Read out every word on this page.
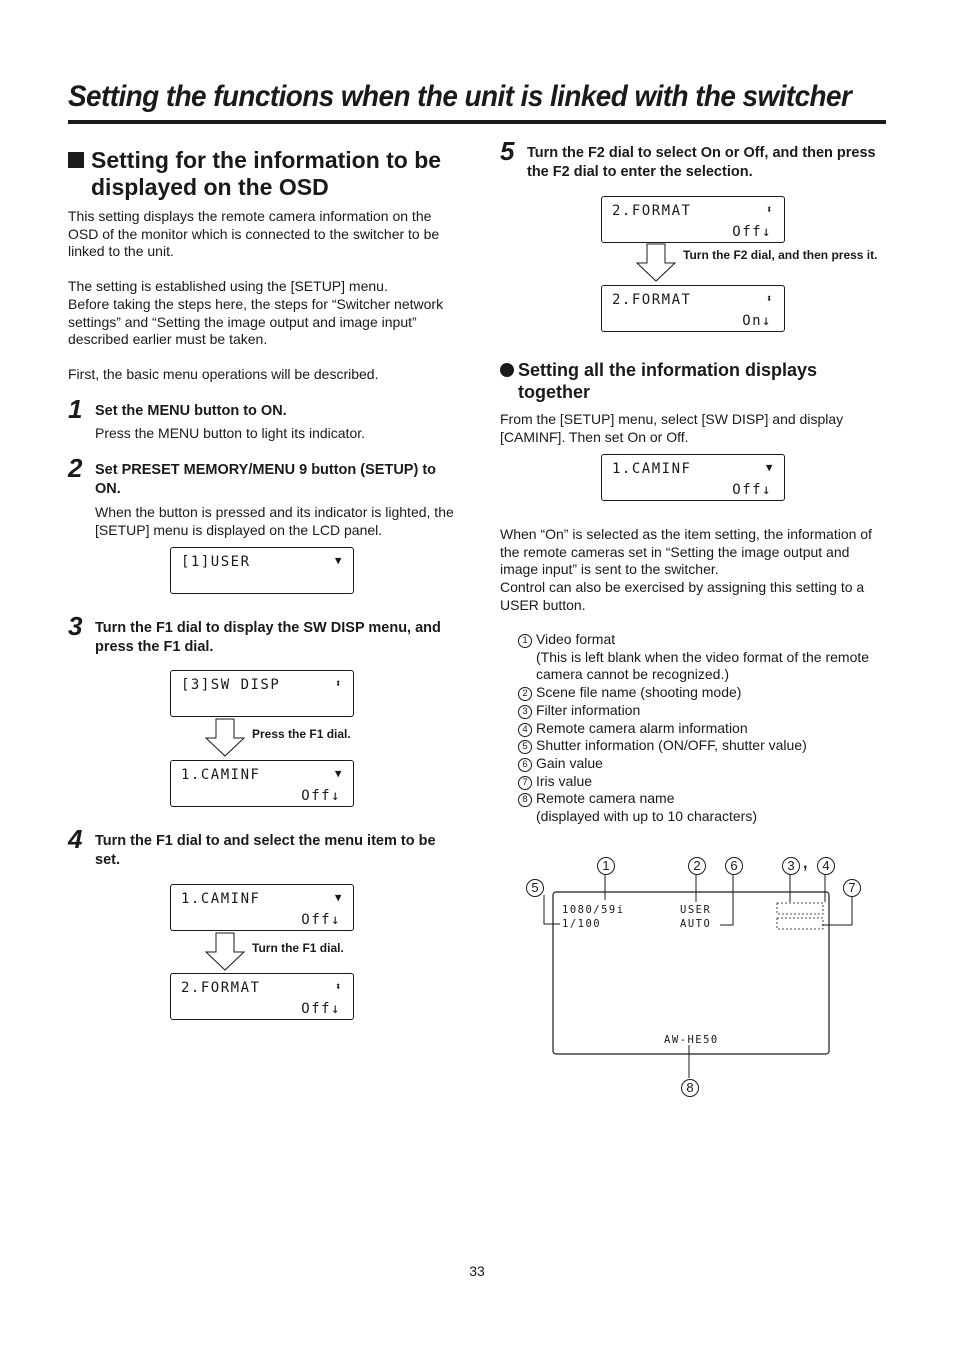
Setting the functions when the unit is linked with the switcher
Setting for the information to be displayed on the OSD
This setting displays the remote camera information on the OSD of the monitor which is connected to the switcher to be linked to the unit.
The setting is established using the [SETUP] menu.
Before taking the steps here, the steps for “Switcher network settings” and “Setting the image output and image input” described earlier must be taken.
First, the basic menu operations will be described.
1 Set the MENU button to ON.
Press the MENU button to light its indicator.
2 Set PRESET MEMORY/MENU 9 button (SETUP) to ON.
When the button is pressed and its indicator is lighted, the [SETUP] menu is displayed on the LCD panel.
[1]USER	▼
3 Turn the F1 dial to display the SW DISP menu, and press the F1 dial.
[3]SW DISP	⬍
Press the F1 dial.
1.CAMINF	▼
Off↓
4 Turn the F1 dial to and select the menu item to be set.
1.CAMINF	▼
Off↓
Turn the F1 dial.
2.FORMAT	⬍
Off↓
5 Turn the F2 dial to select On or Off, and then press the F2 dial to enter the selection.
2.FORMAT	⬍
Off↓
Turn the F2 dial, and then press it.
2.FORMAT	⬍
On↓
Setting all the information displays together
From the [SETUP] menu, select [SW DISP] and display [CAMINF]. Then set On or Off.
1.CAMINF	▼
Off↓
When “On” is selected as the item setting, the information of the remote cameras set in “Setting the image output and image input” is sent to the switcher.
Control can also be exercised by assigning this setting to a USER button.
1 Video format
(This is left blank when the video format of the remote camera cannot be recognized.)
2 Scene file name (shooting mode)
3 Filter information
4 Remote camera alarm information
5 Shutter information (ON/OFF, shutter value)
6 Gain value
7 Iris value
8 Remote camera name
(displayed with up to 10 characters)
1	2	6	3 ,	4
5	7
8
1080/59i
1/100
USER
AUTO
AW-HE50
33
